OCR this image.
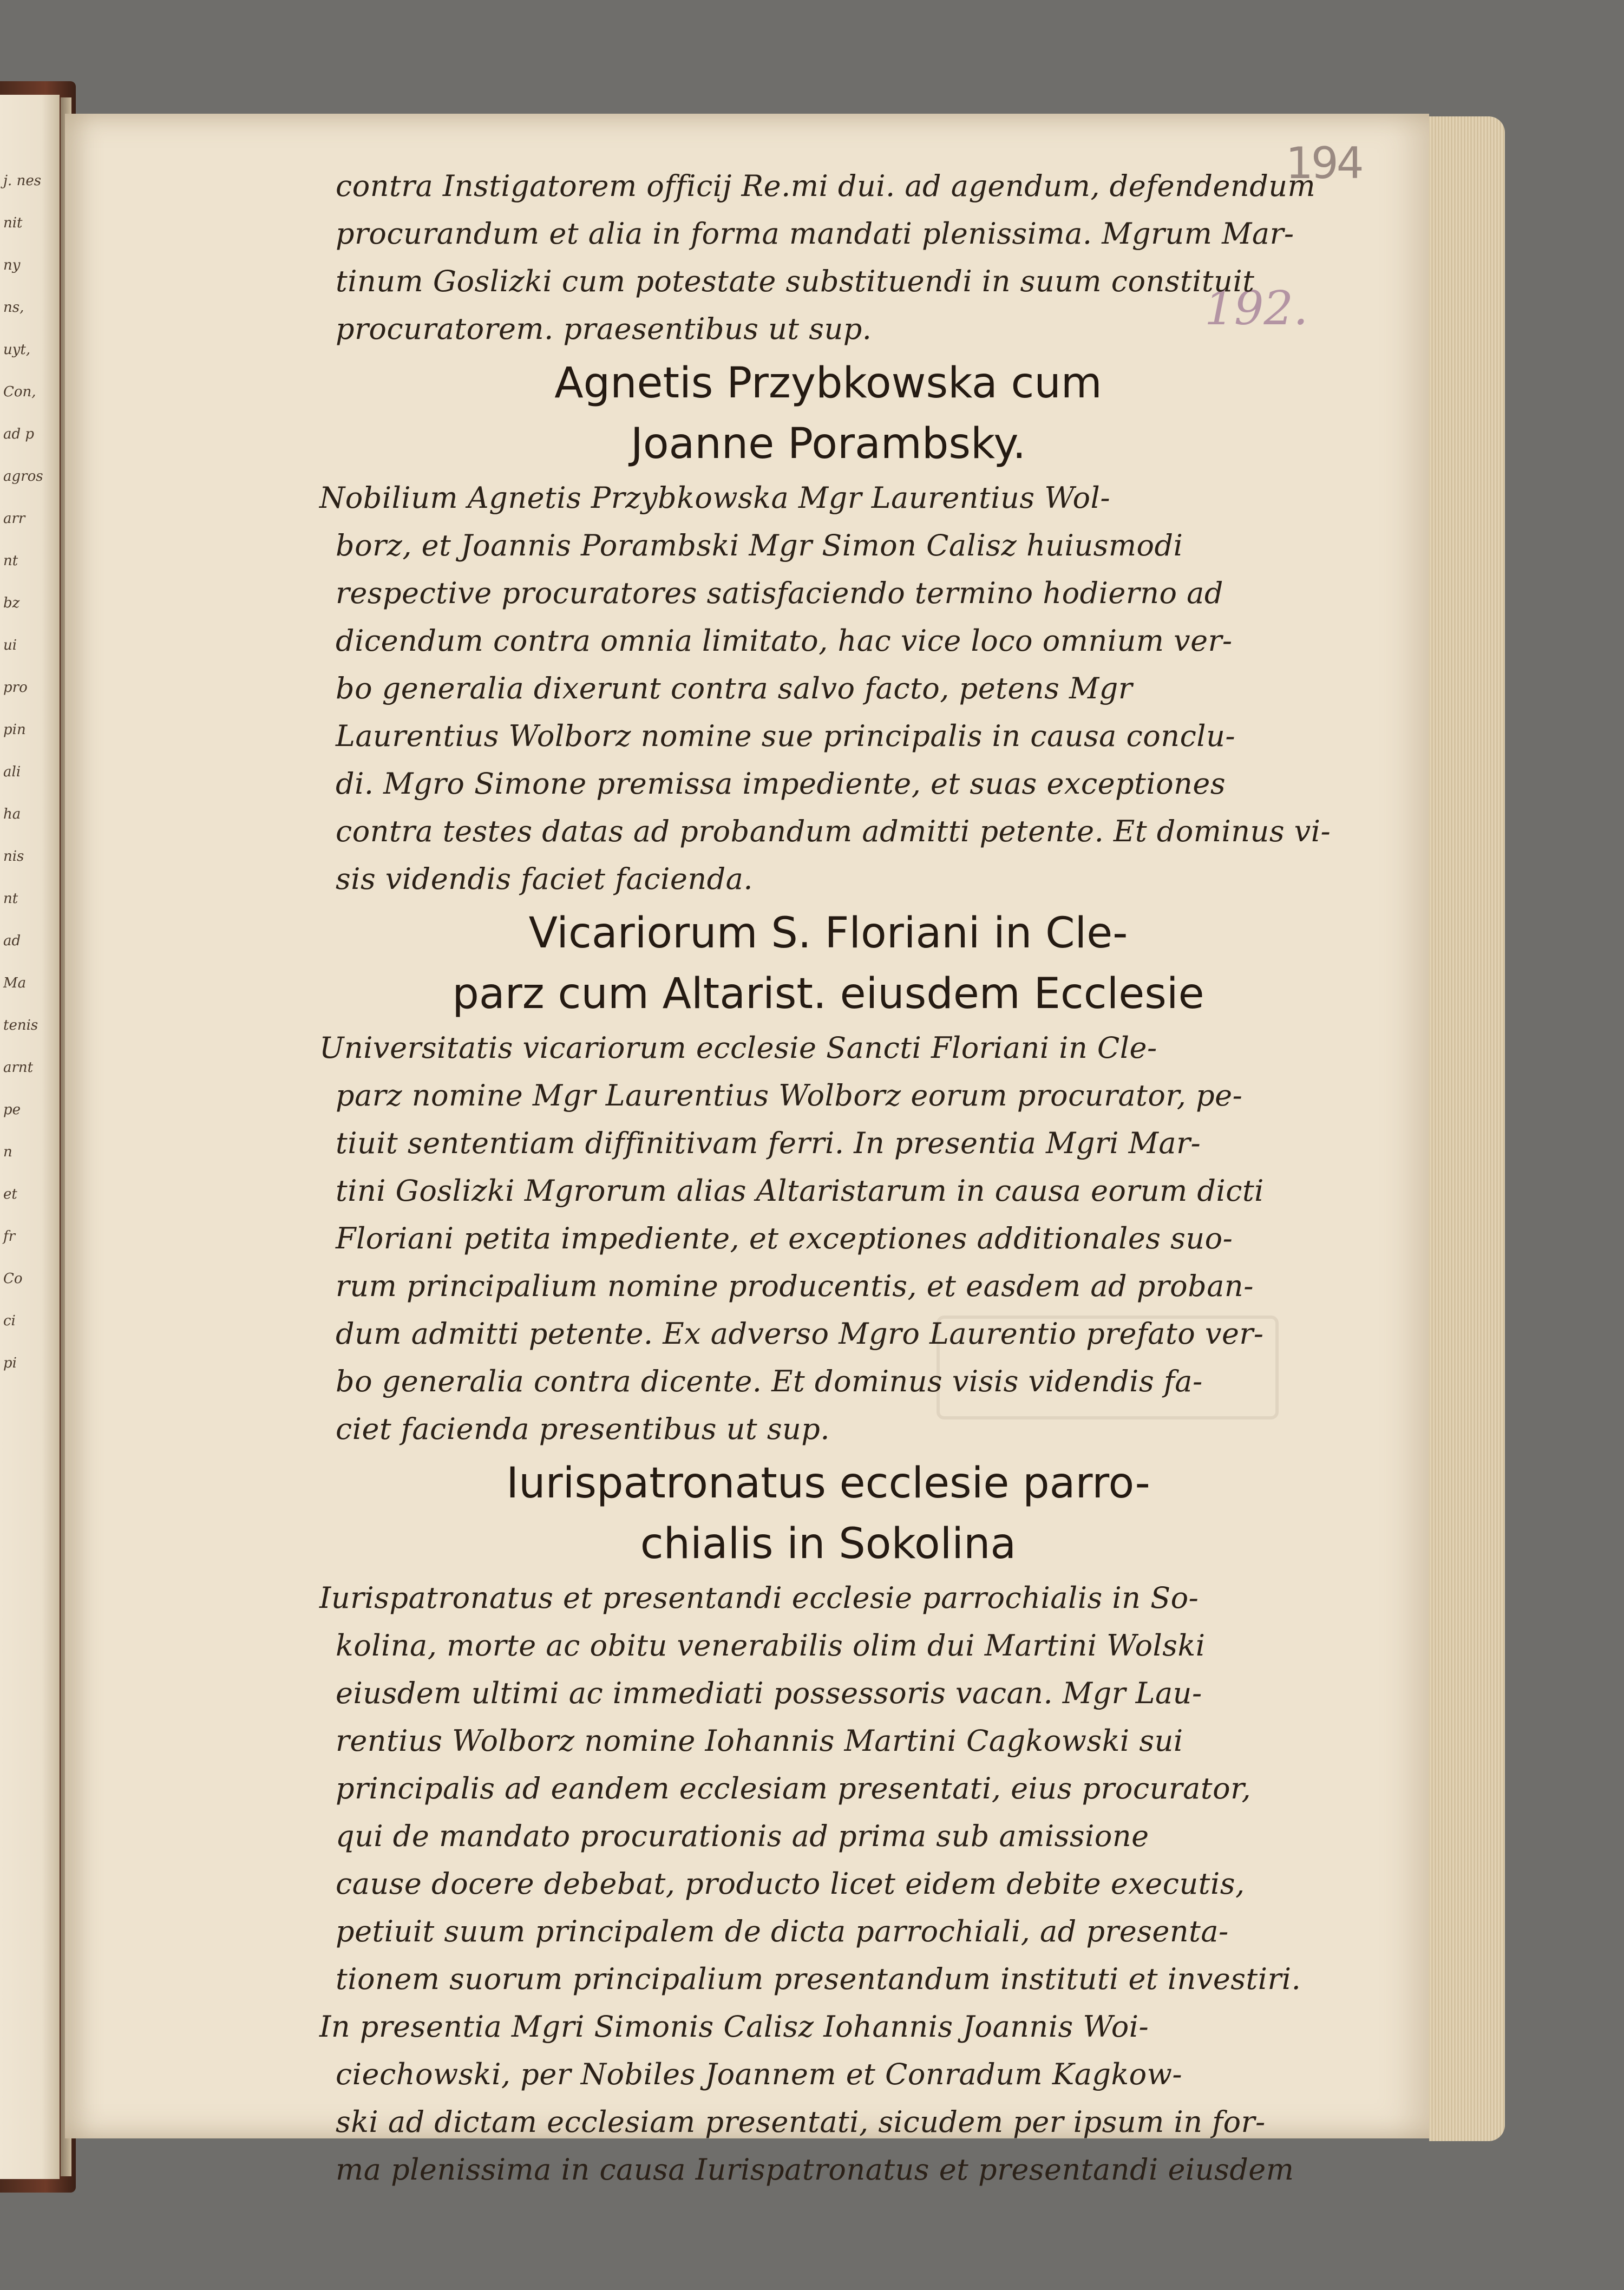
j. nes
nit
ny
ns,
uyt,
Con,
ad p
agros
arr
nt
bz
ui
pro
pin
ali
ha
nis
nt
ad
Ma
tenis
arnt
pe
n
et
fr
Co
ci
pi
194
192.
contra Instigatorem officij Re.mi dui. ad agendum, defendendum
procurandum et alia in forma mandati plenissima. Mgrum Mar-
tinum Goslizki cum potestate substituendi in suum constituit
procuratorem. praesentibus ut sup.
Agnetis Przybkowska cum
Joanne Porambsky.
Nobilium Agnetis Przybkowska Mgr Laurentius Wol-
borz, et Joannis Porambski Mgr Simon Calisz huiusmodi
respective procuratores satisfaciendo termino hodierno ad
dicendum contra omnia limitato, hac vice loco omnium ver-
bo generalia dixerunt contra salvo facto, petens Mgr
Laurentius Wolborz nomine sue principalis in causa conclu-
di. Mgro Simone premissa impediente, et suas exceptiones
contra testes datas ad probandum admitti petente. Et dominus vi-
sis videndis faciet facienda.
Vicariorum S. Floriani in Cle-
parz cum Altarist. eiusdem Ecclesie
Universitatis vicariorum ecclesie Sancti Floriani in Cle-
parz nomine Mgr Laurentius Wolborz eorum procurator, pe-
tiuit sententiam diffinitivam ferri. In presentia Mgri Mar-
tini Goslizki Mgrorum alias Altaristarum in causa eorum dicti
Floriani petita impediente, et exceptiones additionales suo-
rum principalium nomine producentis, et easdem ad proban-
dum admitti petente. Ex adverso Mgro Laurentio prefato ver-
bo generalia contra dicente. Et dominus visis videndis fa-
ciet facienda presentibus ut sup.
Iurispatronatus ecclesie parro-
chialis in Sokolina
Iurispatronatus et presentandi ecclesie parrochialis in So-
kolina, morte ac obitu venerabilis olim dui Martini Wolski
eiusdem ultimi ac immediati possessoris vacan. Mgr Lau-
rentius Wolborz nomine Iohannis Martini Cagkowski sui
principalis ad eandem ecclesiam presentati, eius procurator,
qui de mandato procurationis ad prima sub amissione
cause docere debebat, producto licet eidem debite executis,
petiuit suum principalem de dicta parrochiali, ad presenta-
tionem suorum principalium presentandum instituti et investiri.
In presentia Mgri Simonis Calisz Iohannis Joannis Woi-
ciechowski, per Nobiles Joannem et Conradum Kagkow-
ski ad dictam ecclesiam presentati, sicudem per ipsum in for-
ma plenissima in causa Iurispatronatus et presentandi eiusdem
